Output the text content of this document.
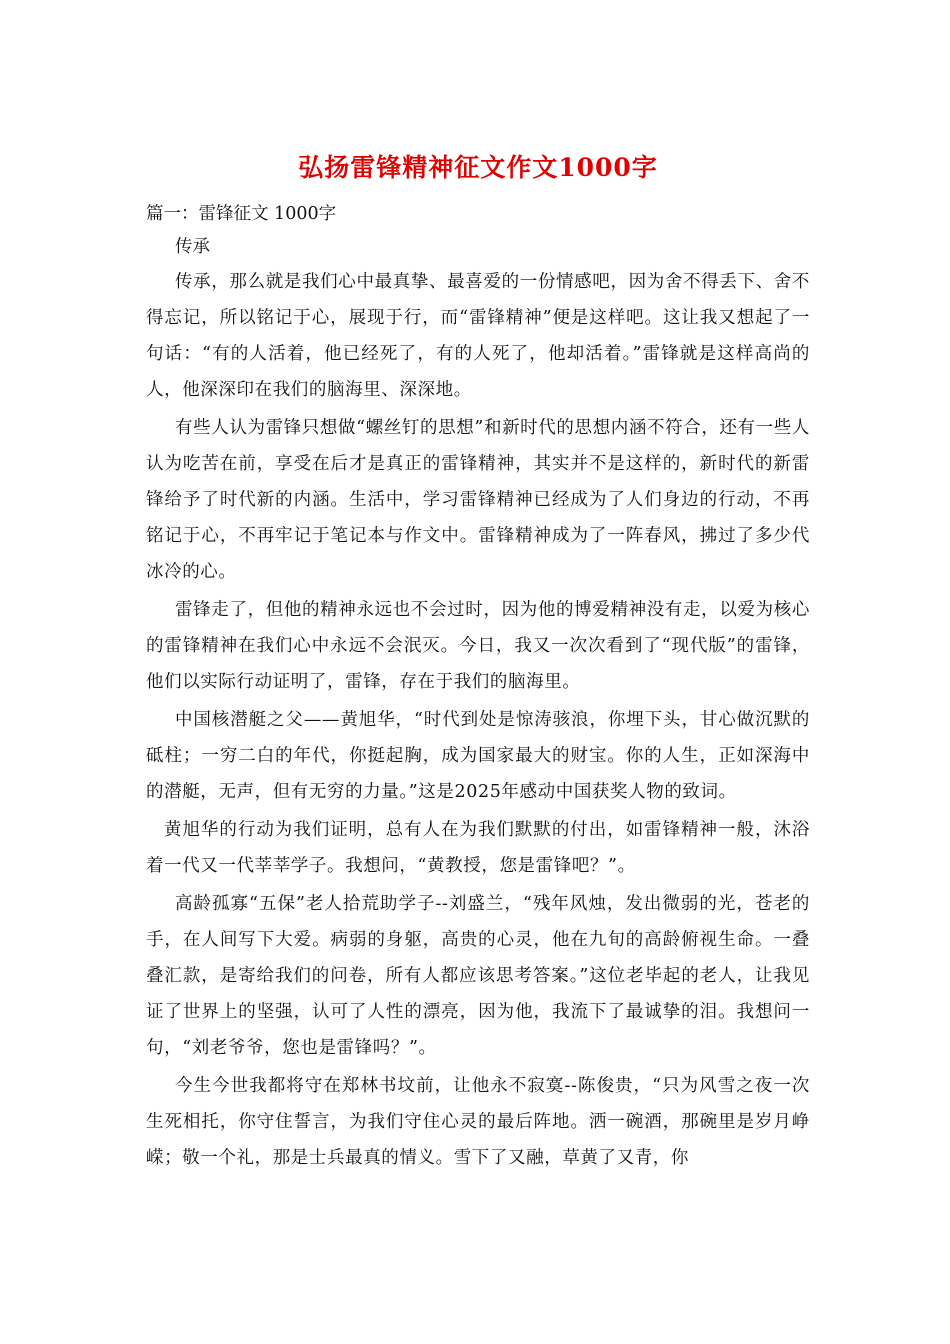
弘扬雷锋精神征文作文1000字

篇一：雷锋征文 1000字

传承

传承，那么就是我们心中最真挚、最喜爱的一份情感吧，因为舍不得丢下、舍不得忘记，所以铭记于心，展现于行，而“雷锋精神”便是这样吧。这让我又想起了一句话：“有的人活着，他已经死了，有的人死了，他却活着。”雷锋就是这样高尚的人，他深深印在我们的脑海里、深深地。

有些人认为雷锋只想做“螺丝钉的思想”和新时代的思想内涵不符合，还有一些人认为吃苦在前，享受在后才是真正的雷锋精神，其实并不是这样的，新时代的新雷锋给予了时代新的内涵。生活中，学习雷锋精神已经成为了人们身边的行动，不再铭记于心，不再牢记于笔记本与作文中。雷锋精神成为了一阵春风，拂过了多少代冰冷的心。

雷锋走了，但他的精神永远也不会过时，因为他的博爱精神没有走，以爱为核心的雷锋精神在我们心中永远不会泯灭。今日，我又一次次看到了“现代版”的雷锋，他们以实际行动证明了，雷锋，存在于我们的脑海里。

中国核潜艇之父——黄旭华，“时代到处是惊涛骇浪，你埋下头，甘心做沉默的砥柱；一穷二白的年代，你挺起胸，成为国家最大的财宝。你的人生，正如深海中的潜艇，无声，但有无穷的力量。”这是2025年感动中国获奖人物的致词。

黄旭华的行动为我们证明，总有人在为我们默默的付出，如雷锋精神一般，沐浴着一代又一代莘莘学子。我想问，“黄教授，您是雷锋吧？”。

高龄孤寡“五保”老人拾荒助学子--刘盛兰，“残年风烛，发出微弱的光，苍老的手，在人间写下大爱。病弱的身躯，高贵的心灵，他在九旬的高龄俯视生命。一叠叠汇款，是寄给我们的问卷，所有人都应该思考答案。”这位老毕起的老人，让我见证了世界上的坚强，认可了人性的漂亮，因为他，我流下了最诚挚的泪。我想问一句，“刘老爷爷，您也是雷锋吗？”。

今生今世我都将守在郑林书坟前，让他永不寂寞--陈俊贵，“只为风雪之夜一次生死相托，你守住誓言，为我们守住心灵的最后阵地。洒一碗酒，那碗里是岁月峥嵘；敬一个礼，那是士兵最真的情义。雪下了又融，草黄了又青，你
